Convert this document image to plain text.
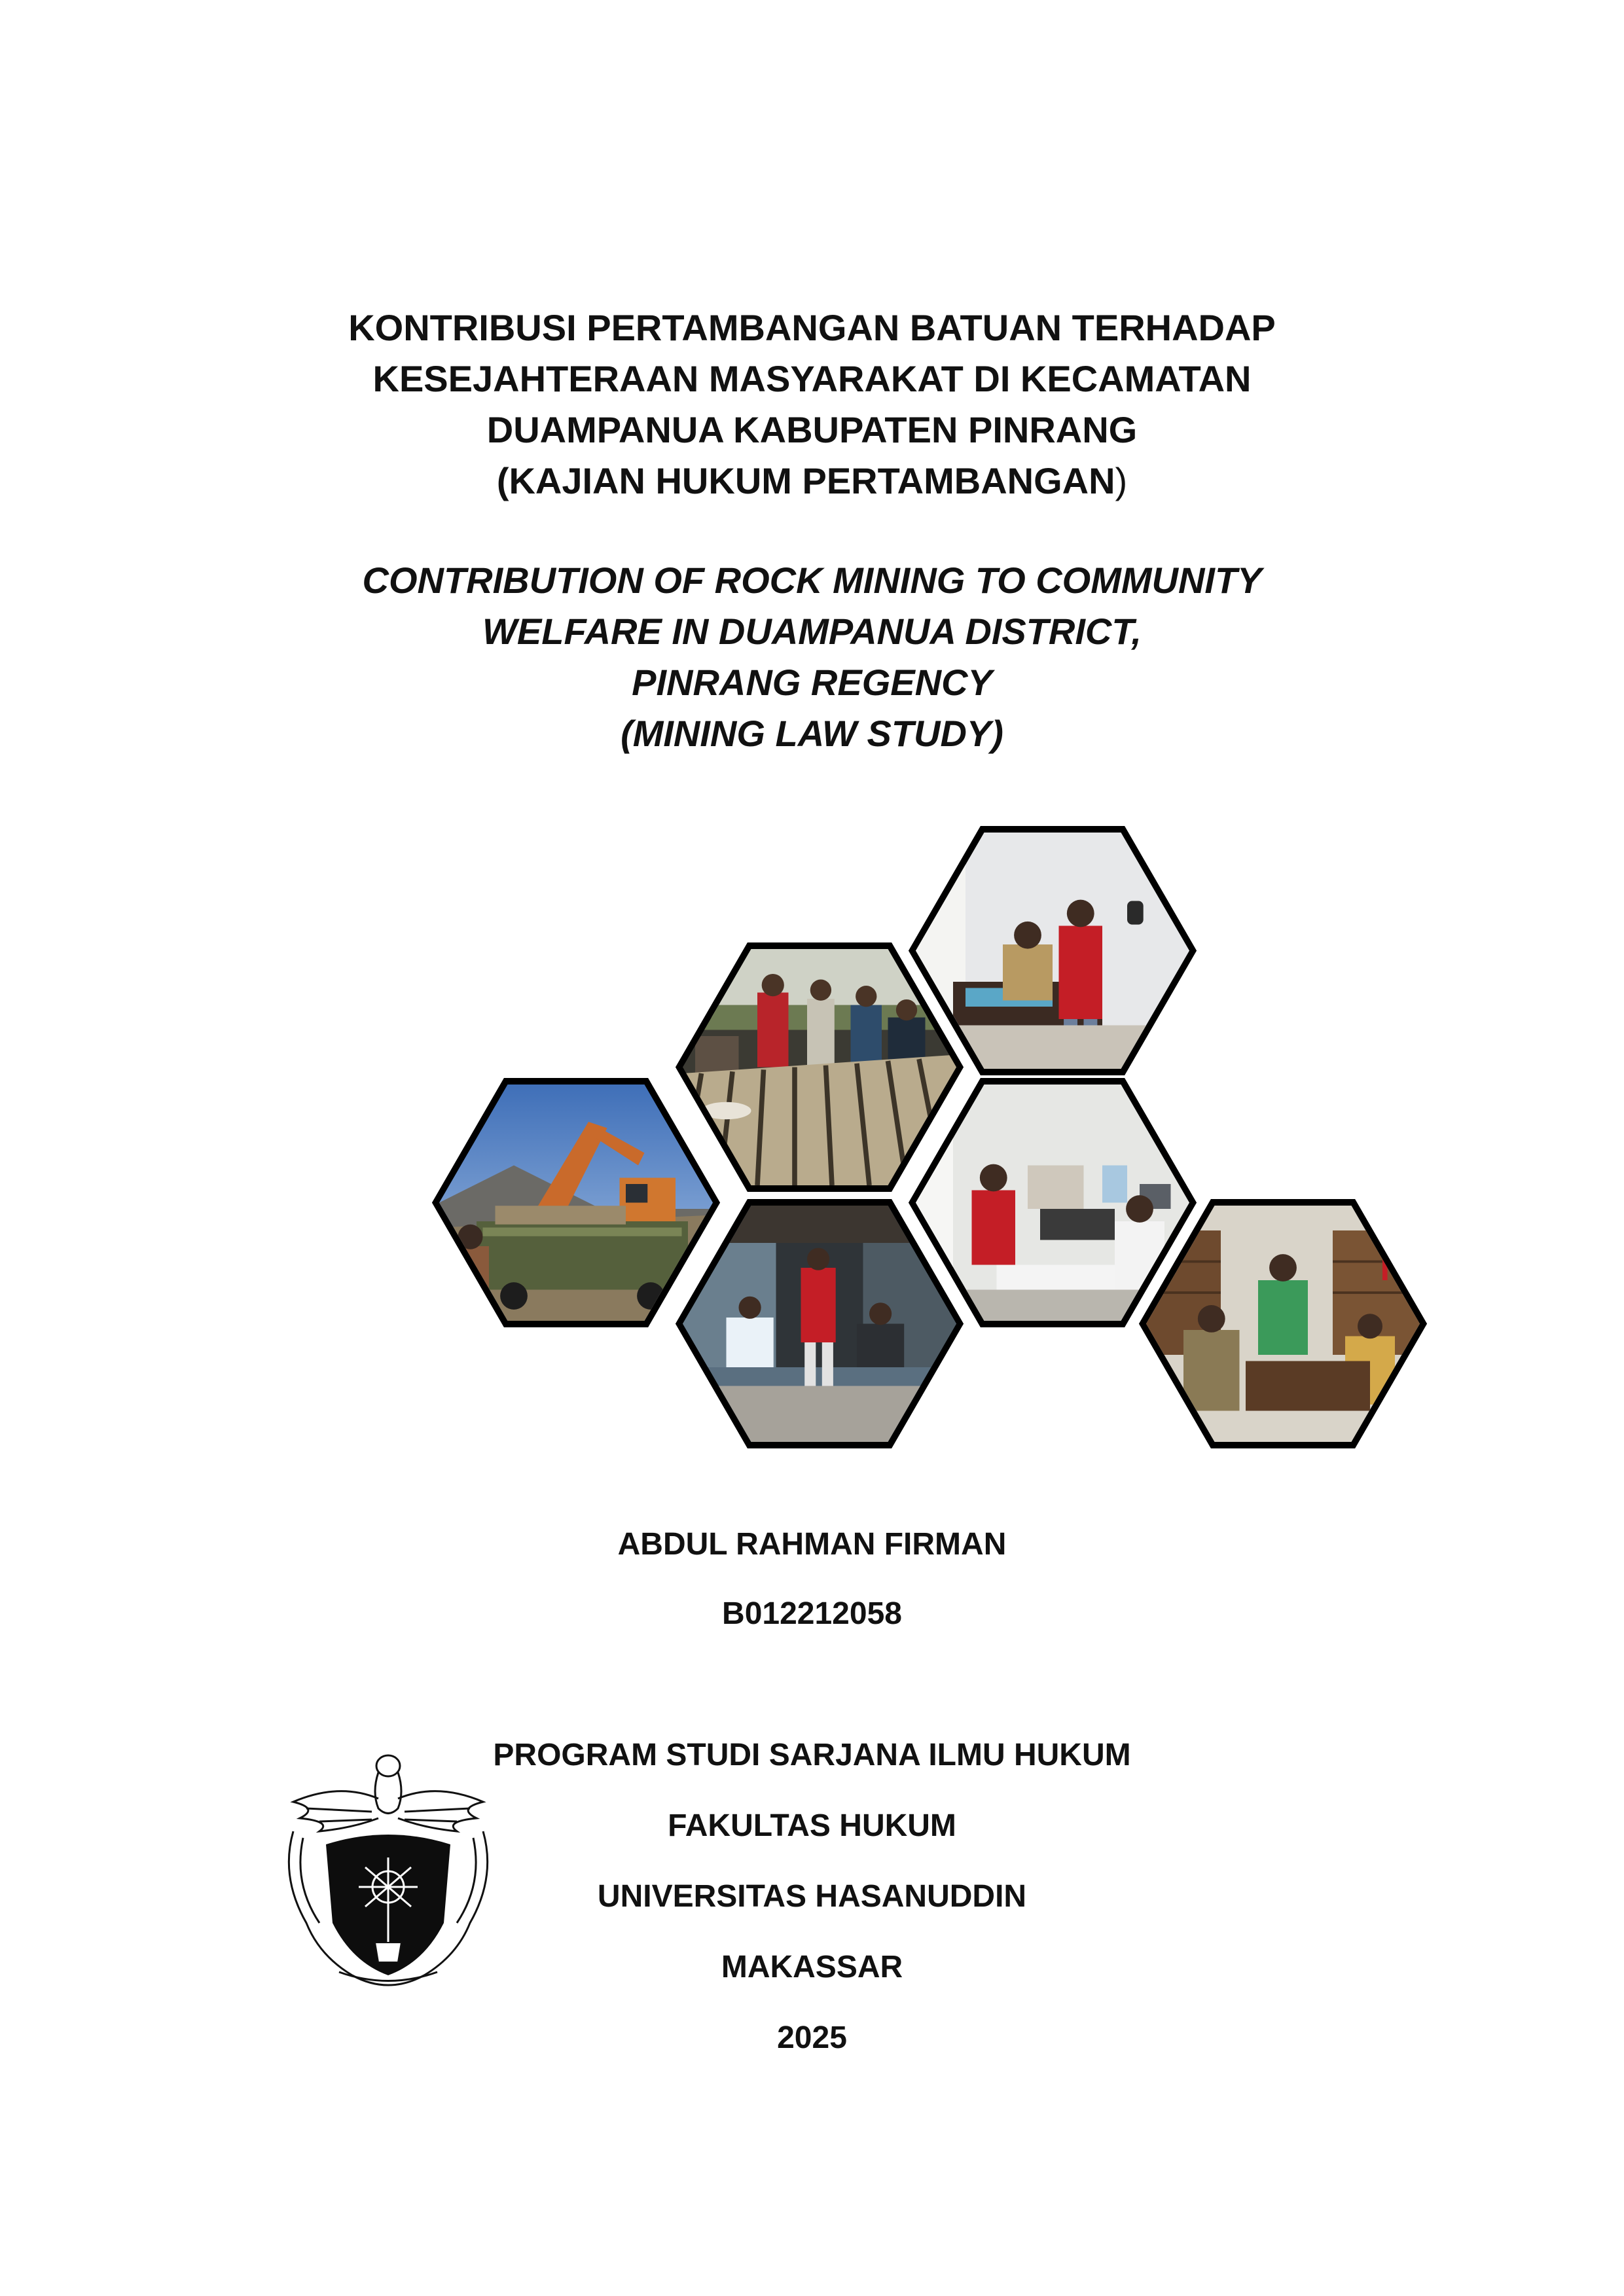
KONTRIBUSI PERTAMBANGAN BATUAN TERHADAP
KESEJAHTERAAN MASYARAKAT DI KECAMATAN
DUAMPANUA KABUPATEN PINRANG
(KAJIAN HUKUM PERTAMBANGAN)
CONTRIBUTION OF ROCK MINING TO COMMUNITY
WELFARE IN DUAMPANUA DISTRICT,
PINRANG REGENCY
(MINING LAW STUDY)
ABDUL RAHMAN FIRMAN
B012212058
PROGRAM STUDI SARJANA ILMU HUKUM
FAKULTAS HUKUM
UNIVERSITAS HASANUDDIN
MAKASSAR
2025
